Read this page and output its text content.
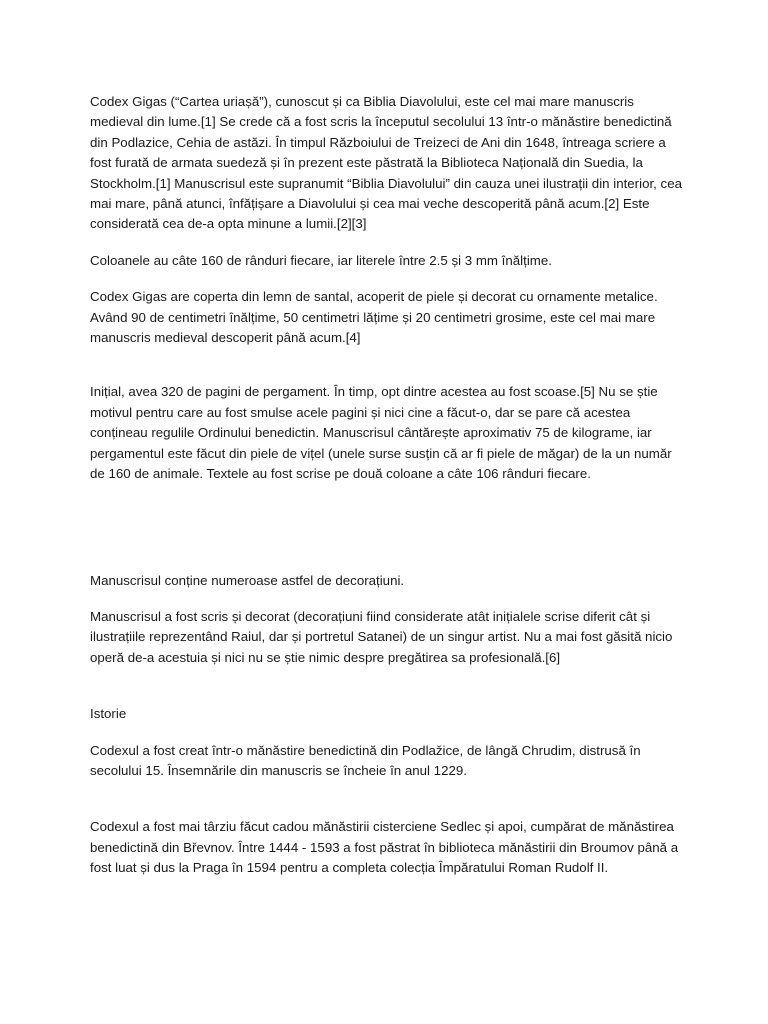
Codex Gigas (“Cartea uriașă”), cunoscut și ca Biblia Diavolului, este cel mai mare manuscris medieval din lume.[1] Se crede că a fost scris la începutul secolului 13 într-o mănăstire benedictină din Podlazice, Cehia de astăzi. În timpul Războiului de Treizeci de Ani din 1648, întreaga scriere a fost furată de armata suedeză și în prezent este păstrată la Biblioteca Națională din Suedia, la Stockholm.[1] Manuscrisul este supranumit “Biblia Diavolului” din cauza unei ilustrații din interior, cea mai mare, până atunci, înfățișare a Diavolului și cea mai veche descoperită până acum.[2] Este considerată cea de-a opta minune a lumii.[2][3]

Coloanele au câte 160 de rânduri fiecare, iar literele între 2.5 și 3 mm înălțime.

Codex Gigas are coperta din lemn de santal, acoperit de piele și decorat cu ornamente metalice. Având 90 de centimetri înălțime, 50 centimetri lățime și 20 centimetri grosime, este cel mai mare manuscris medieval descoperit până acum.[4]

Inițial, avea 320 de pagini de pergament. În timp, opt dintre acestea au fost scoase.[5] Nu se știe motivul pentru care au fost smulse acele pagini și nici cine a făcut-o, dar se pare că acestea conțineau regulile Ordinului benedictin. Manuscrisul cântărește aproximativ 75 de kilograme, iar pergamentul este făcut din piele de vițel (unele surse susțin că ar fi piele de măgar) de la un număr de 160 de animale. Textele au fost scrise pe două coloane a câte 106 rânduri fiecare.

Manuscrisul conține numeroase astfel de decorațiuni.

Manuscrisul a fost scris și decorat (decorațiuni fiind considerate atât inițialele scrise diferit cât și ilustrațiile reprezentând Raiul, dar și portretul Satanei) de un singur artist. Nu a mai fost găsită nicio operă de-a acestuia și nici nu se știe nimic despre pregătirea sa profesională.[6]

Istorie

Codexul a fost creat într-o mănăstire benedictină din Podlažice, de lângă Chrudim, distrusă în secolului 15. Însemnările din manuscris se încheie în anul 1229.

Codexul a fost mai târziu făcut cadou mănăstirii cisterciene Sedlec și apoi, cumpărat de mănăstirea benedictină din Břevnov. Între 1444 - 1593 a fost păstrat în biblioteca mănăstirii din Broumov până a fost luat și dus la Praga în 1594 pentru a completa colecția Împăratului Roman Rudolf II.
